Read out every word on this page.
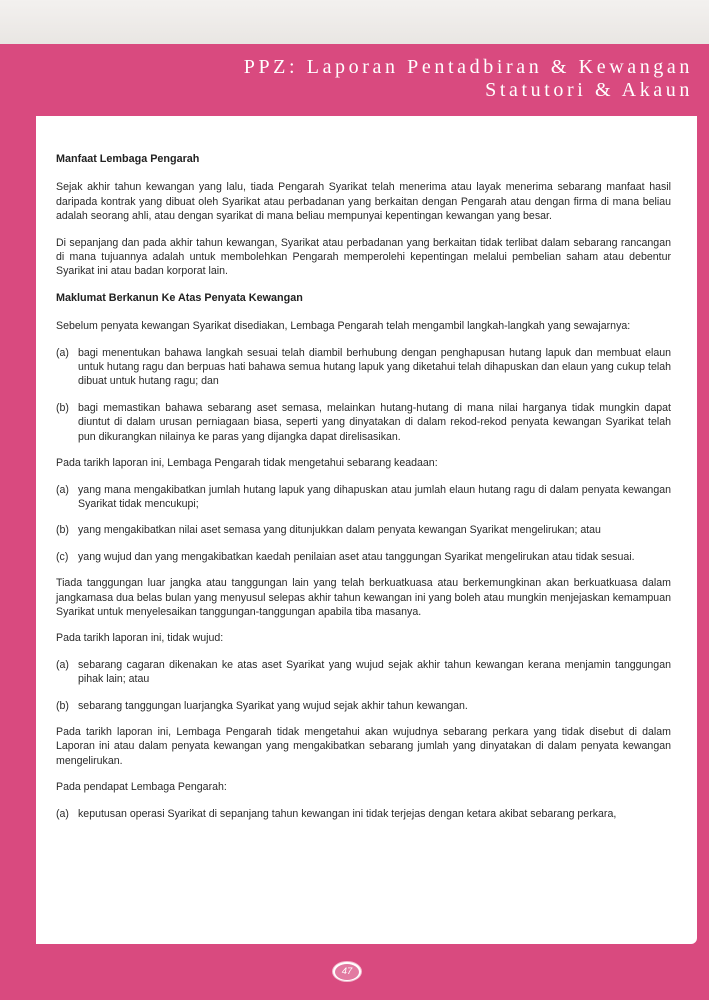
PPZ: Laporan Pentadbiran & Kewangan
Statutori & Akaun
Manfaat Lembaga Pengarah

Sejak akhir tahun kewangan yang lalu, tiada Pengarah Syarikat telah menerima atau layak menerima sebarang manfaat hasil daripada kontrak yang dibuat oleh Syarikat atau perbadanan yang berkaitan dengan Pengarah atau dengan firma di mana beliau adalah seorang ahli, atau dengan syarikat di mana beliau mempunyai kepentingan kewangan yang besar.

Di sepanjang dan pada akhir tahun kewangan, Syarikat atau perbadanan yang berkaitan tidak terlibat dalam sebarang rancangan di mana tujuannya adalah untuk membolehkan Pengarah memperolehi kepentingan melalui pembelian saham atau debentur Syarikat ini atau badan korporat lain.

Maklumat Berkanun Ke Atas Penyata Kewangan

Sebelum penyata kewangan Syarikat disediakan, Lembaga Pengarah telah mengambil langkah-langkah yang sewajarnya:

(a) bagi menentukan bahawa langkah sesuai telah diambil berhubung dengan penghapusan hutang lapuk dan membuat elaun untuk hutang ragu dan berpuas hati bahawa semua hutang lapuk yang diketahui telah dihapuskan dan elaun yang cukup telah dibuat untuk hutang ragu; dan
(b) bagi memastikan bahawa sebarang aset semasa, melainkan hutang-hutang di mana nilai harganya tidak mungkin dapat diuntut di dalam urusan perniagaan biasa, seperti yang dinyatakan di dalam rekod-rekod penyata kewangan Syarikat telah pun dikurangkan nilainya ke paras yang dijangka dapat direlisasikan.

Pada tarikh laporan ini, Lembaga Pengarah tidak mengetahui sebarang keadaan:

(a) yang mana mengakibatkan jumlah hutang lapuk yang dihapuskan atau jumlah elaun hutang ragu di dalam penyata kewangan Syarikat tidak mencukupi;
(b) yang mengakibatkan nilai aset semasa yang ditunjukkan dalam penyata kewangan Syarikat mengelirukan; atau
(c) yang wujud dan yang mengakibatkan kaedah penilaian aset atau tanggungan Syarikat mengelirukan atau tidak sesuai.

Tiada tanggungan luar jangka atau tanggungan lain yang telah berkuatkuasa atau berkemungkinan akan berkuatkuasa dalam jangkamasa dua belas bulan yang menyusul selepas akhir tahun kewangan ini yang boleh atau mungkin menjejaskan kemampuan Syarikat untuk menyelesaikan tanggungan-tanggungan apabila tiba masanya.

Pada tarikh laporan ini, tidak wujud:

(a) sebarang cagaran dikenakan ke atas aset Syarikat yang wujud sejak akhir tahun kewangan kerana menjamin tanggungan pihak lain; atau
(b) sebarang tanggungan luarjangka Syarikat yang wujud sejak akhir tahun kewangan.

Pada tarikh laporan ini, Lembaga Pengarah tidak mengetahui akan wujudnya sebarang perkara yang tidak disebut di dalam Laporan ini atau dalam penyata kewangan yang mengakibatkan sebarang jumlah yang dinyatakan di dalam penyata kewangan mengelirukan.

Pada pendapat Lembaga Pengarah:

(a) keputusan operasi Syarikat di sepanjang tahun kewangan ini tidak terjejas dengan ketara akibat sebarang perkara,
47
